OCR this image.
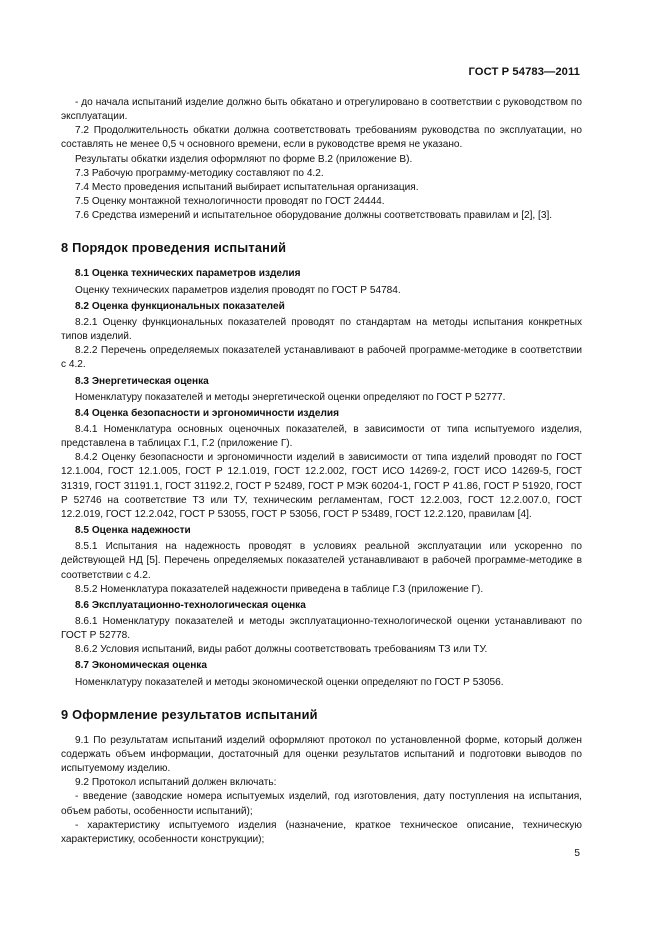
ГОСТ Р 54783—2011

- до начала испытаний изделие должно быть обкатано и отрегулировано в соответствии с руководством по эксплуатации.

7.2 Продолжительность обкатки должна соответствовать требованиям руководства по эксплуатации, но составлять не менее 0,5 ч основного времени, если в руководстве время не указано.

Результаты обкатки изделия оформляют по форме В.2 (приложение В).

7.3 Рабочую программу-методику составляют по 4.2.

7.4 Место проведения испытаний выбирает испытательная организация.

7.5 Оценку монтажной технологичности проводят по ГОСТ 24444.

7.6 Средства измерений и испытательное оборудование должны соответствовать правилам и [2], [3].

8 Порядок проведения испытаний

8.1 Оценка технических параметров изделия

Оценку технических параметров изделия проводят по ГОСТ Р 54784.

8.2 Оценка функциональных показателей

8.2.1 Оценку функциональных показателей проводят по стандартам на методы испытания конкретных типов изделий.

8.2.2 Перечень определяемых показателей устанавливают в рабочей программе-методике в соответствии с 4.2.

8.3 Энергетическая оценка

Номенклатуру показателей и методы энергетической оценки определяют по ГОСТ Р 52777.

8.4 Оценка безопасности и эргономичности изделия

8.4.1 Номенклатура основных оценочных показателей, в зависимости от типа испытуемого изделия, представлена в таблицах Г.1, Г.2 (приложение Г).

8.4.2 Оценку безопасности и эргономичности изделий в зависимости от типа изделий проводят по ГОСТ 12.1.004, ГОСТ 12.1.005, ГОСТ Р 12.1.019, ГОСТ 12.2.002, ГОСТ ИСО 14269-2, ГОСТ ИСО 14269-5, ГОСТ 31319, ГОСТ 31191.1, ГОСТ 31192.2, ГОСТ Р 52489, ГОСТ Р МЭК 60204-1, ГОСТ Р 41.86, ГОСТ Р 51920, ГОСТ Р 52746 на соответствие ТЗ или ТУ, техническим регламентам, ГОСТ 12.2.003, ГОСТ 12.2.007.0, ГОСТ 12.2.019, ГОСТ 12.2.042, ГОСТ Р 53055, ГОСТ Р 53056, ГОСТ Р 53489, ГОСТ 12.2.120, правилам [4].

8.5 Оценка надежности

8.5.1 Испытания на надежность проводят в условиях реальной эксплуатации или ускоренно по действующей НД [5]. Перечень определяемых показателей устанавливают в рабочей программе-методике в соответствии с 4.2.

8.5.2 Номенклатура показателей надежности приведена в таблице Г.3 (приложение Г).

8.6 Эксплуатационно-технологическая оценка

8.6.1 Номенклатуру показателей и методы эксплуатационно-технологической оценки устанавливают по ГОСТ Р 52778.

8.6.2 Условия испытаний, виды работ должны соответствовать требованиям ТЗ или ТУ.

8.7 Экономическая оценка

Номенклатуру показателей и методы экономической оценки определяют по ГОСТ Р 53056.

9 Оформление результатов испытаний

9.1 По результатам испытаний изделий оформляют протокол по установленной форме, который должен содержать объем информации, достаточный для оценки результатов испытаний и подготовки выводов по испытуемому изделию.

9.2 Протокол испытаний должен включать:

- введение (заводские номера испытуемых изделий, год изготовления, дату поступления на испытания, объем работы, особенности испытаний);

- характеристику испытуемого изделия (назначение, краткое техническое описание, техническую характеристику, особенности конструкции);

5
